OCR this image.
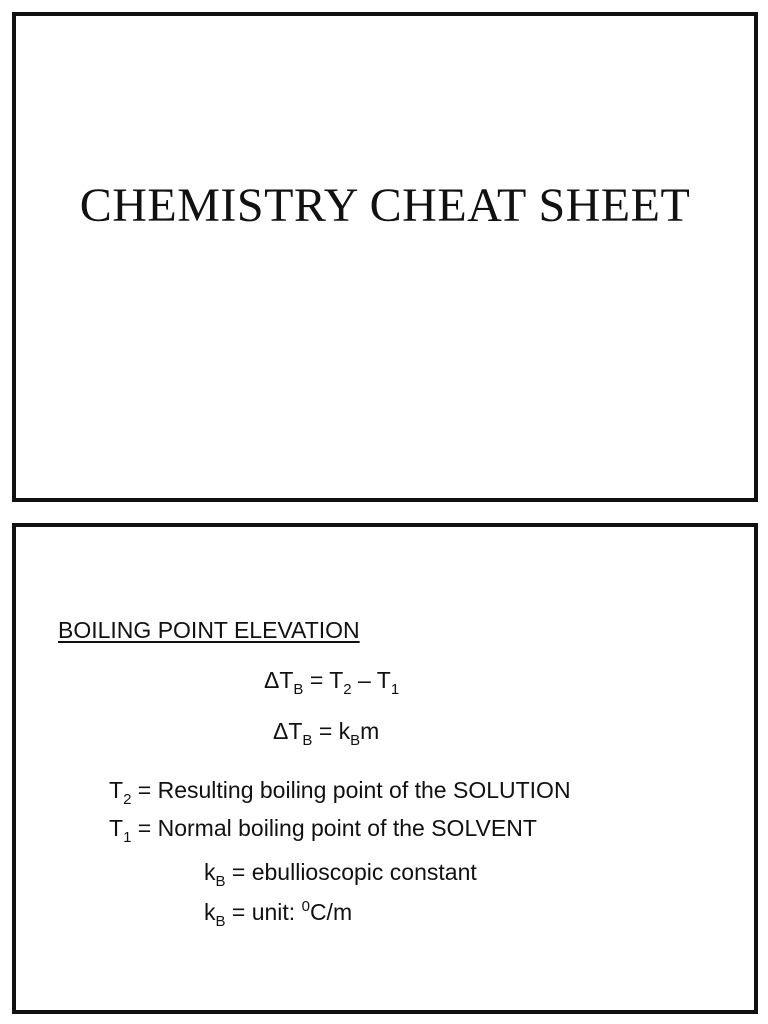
CHEMISTRY CHEAT SHEET
BOILING POINT ELEVATION
$\Delta T_B = T_2 - T_1$
$\Delta T_B = k_Bm$
$T_2$ = Resulting boiling point of the SOLUTION
$T_1$ = Normal boiling point of the SOLVENT
$k_B$ = ebullioscopic constant
$k_B$ = unit: $^0$C/m
